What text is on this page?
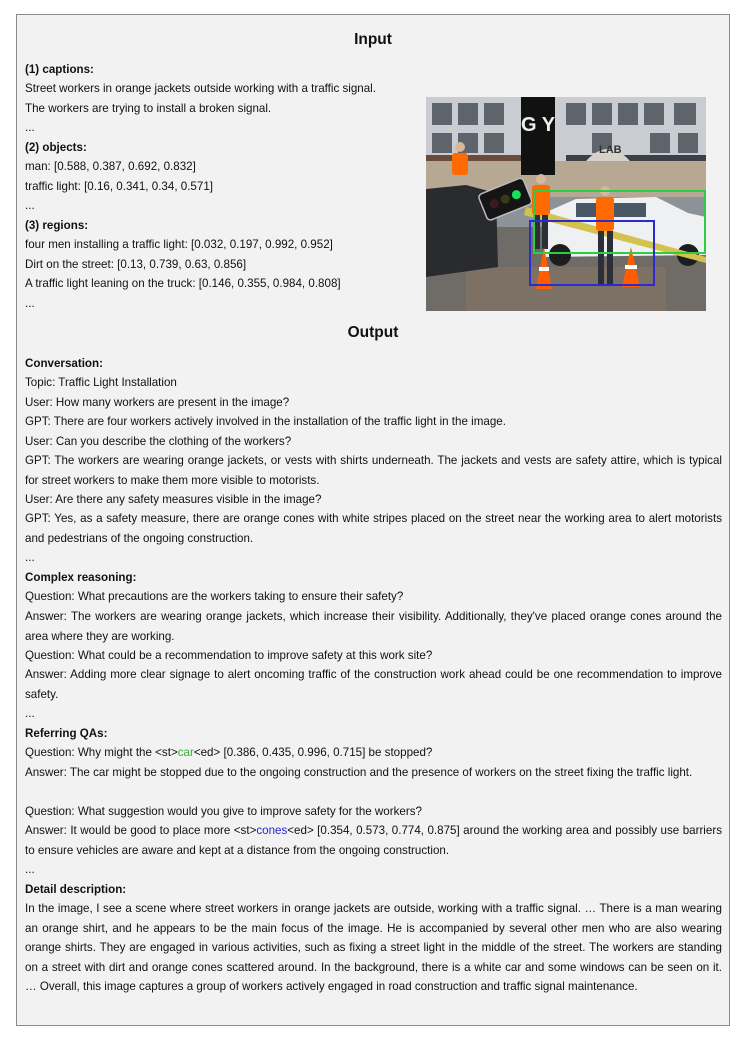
Input
(1) captions:
Street workers in orange jackets outside working with a traffic signal.
The workers are trying to install a broken signal.
...
(2) objects:
man: [0.588, 0.387, 0.692, 0.832]
traffic light: [0.16, 0.341, 0.34, 0.571]
...
(3) regions:
four men installing a traffic light: [0.032, 0.197, 0.992, 0.952]
Dirt on the street: [0.13, 0.739, 0.63, 0.856]
A traffic light leaning on the truck: [0.146, 0.355, 0.984, 0.808]
...
LAB
G Y
Output
Conversation:
Topic: Traffic Light Installation
User: How many workers are present in the image?
GPT: There are four workers actively involved in the installation of the traffic light in the image.
User: Can you describe the clothing of the workers?
GPT: The workers are wearing orange jackets, or vests with shirts underneath. The jackets and vests are safety attire, which is typical for street workers to make them more visible to motorists.
User: Are there any safety measures visible in the image?
GPT: Yes, as a safety measure, there are orange cones with white stripes placed on the street near the working area to alert motorists and pedestrians of the ongoing construction.
...
Complex reasoning:
Question: What precautions are the workers taking to ensure their safety?
Answer: The workers are wearing orange jackets, which increase their visibility. Additionally, they've placed orange cones around the area where they are working.
Question: What could be a recommendation to improve safety at this work site?
Answer: Adding more clear signage to alert oncoming traffic of the construction work ahead could be one recommendation to improve safety.
...
Referring QAs:
Question: Why might the <st>car<ed> [0.386, 0.435, 0.996, 0.715] be stopped?
Answer: The car might be stopped due to the ongoing construction and the presence of workers on the street fixing the traffic light.
Question: What suggestion would you give to improve safety for the workers?
Answer: It would be good to place more <st>cones<ed> [0.354, 0.573, 0.774, 0.875] around the working area and possibly use barriers to ensure vehicles are aware and kept at a distance from the ongoing construction.
...
Detail description:
In the image, I see a scene where street workers in orange jackets are outside, working with a traffic signal. … There is a man wearing an orange shirt, and he appears to be the main focus of the image. He is accompanied by several other men who are also wearing orange shirts. They are engaged in various activities, such as fixing a street light in the middle of the street. The workers are standing on a street with dirt and orange cones scattered around. In the background, there is a white car and some windows can be seen on it. … Overall, this image captures a group of workers actively engaged in road construction and traffic signal maintenance.
